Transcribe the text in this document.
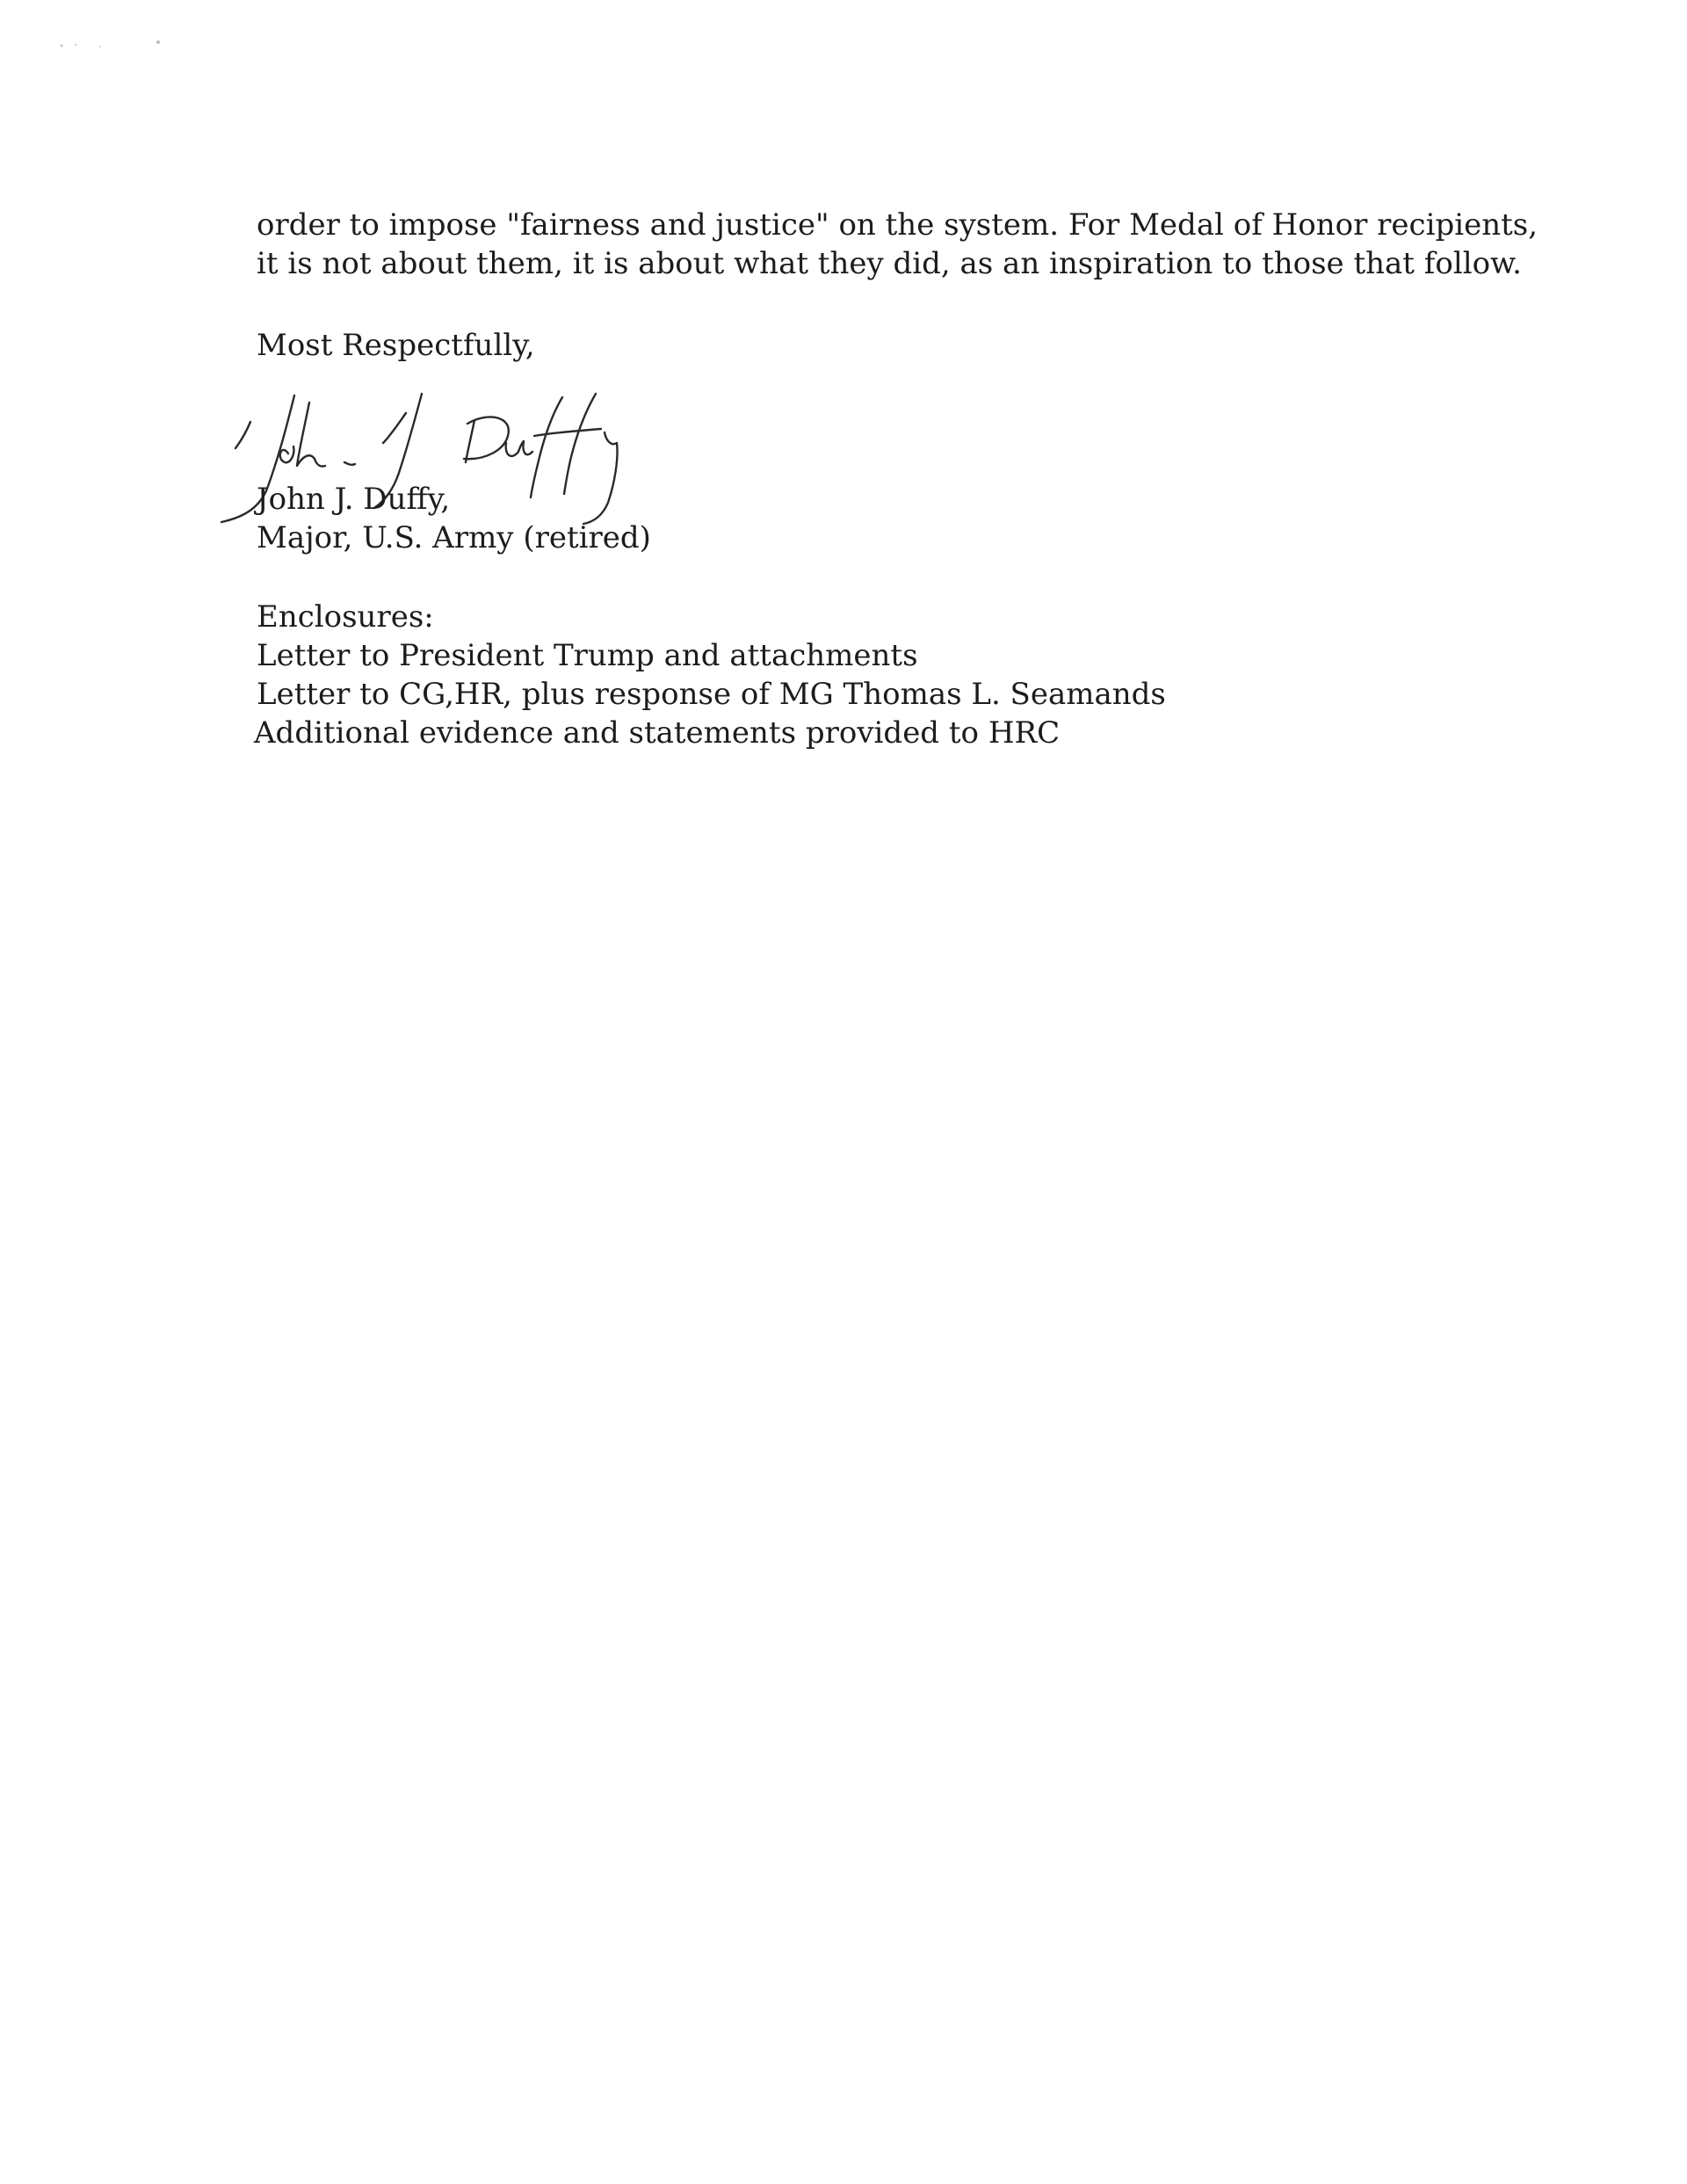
order to impose "fairness and justice" on the system. For Medal of Honor recipients,
it is not about them, it is about what they did, as an inspiration to those that follow.

Most Respectfully,

John J. Duffy,
Major, U.S. Army (retired)

Enclosures:
Letter to President Trump and attachments
Letter to CG,HR, plus response of MG Thomas L. Seamands
Additional evidence and statements provided to HRC
